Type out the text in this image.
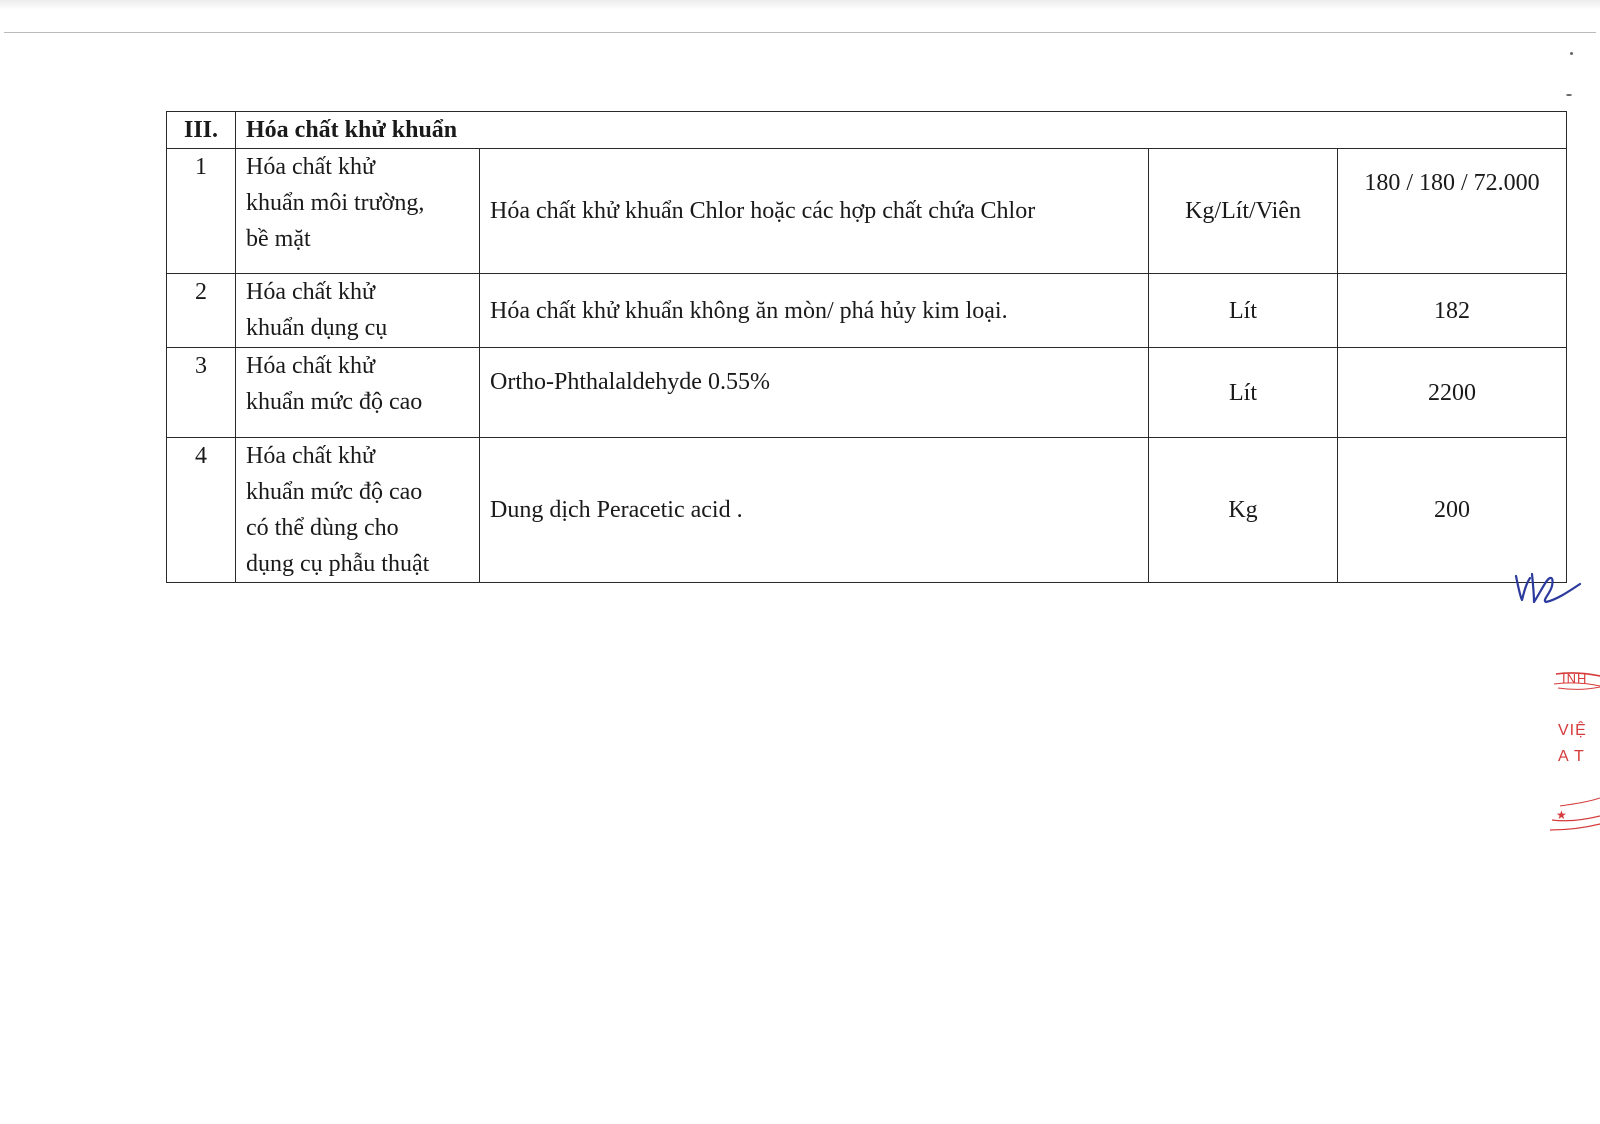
III.	Hóa chất khử khuẩn			
1	Hóa chất khử
khuẩn môi trường,
bề mặt	Hóa chất khử khuẩn Chlor hoặc các hợp chất chứa Chlor	Kg/Lít/Viên	180 / 180 / 72.000
2	Hóa chất khử
khuẩn dụng cụ	Hóa chất khử khuẩn không ăn mòn/ phá hủy kim loại.	Lít	182
3	Hóa chất khử
khuẩn mức độ cao	Ortho-Phthalaldehyde 0.55%	Lít	2200
4	Hóa chất khử
khuẩn mức độ cao
có thể dùng cho
dụng cụ phẫu thuật	Dung dịch Peracetic acid .	Kg	200
INH
VIỆ
A T
★
